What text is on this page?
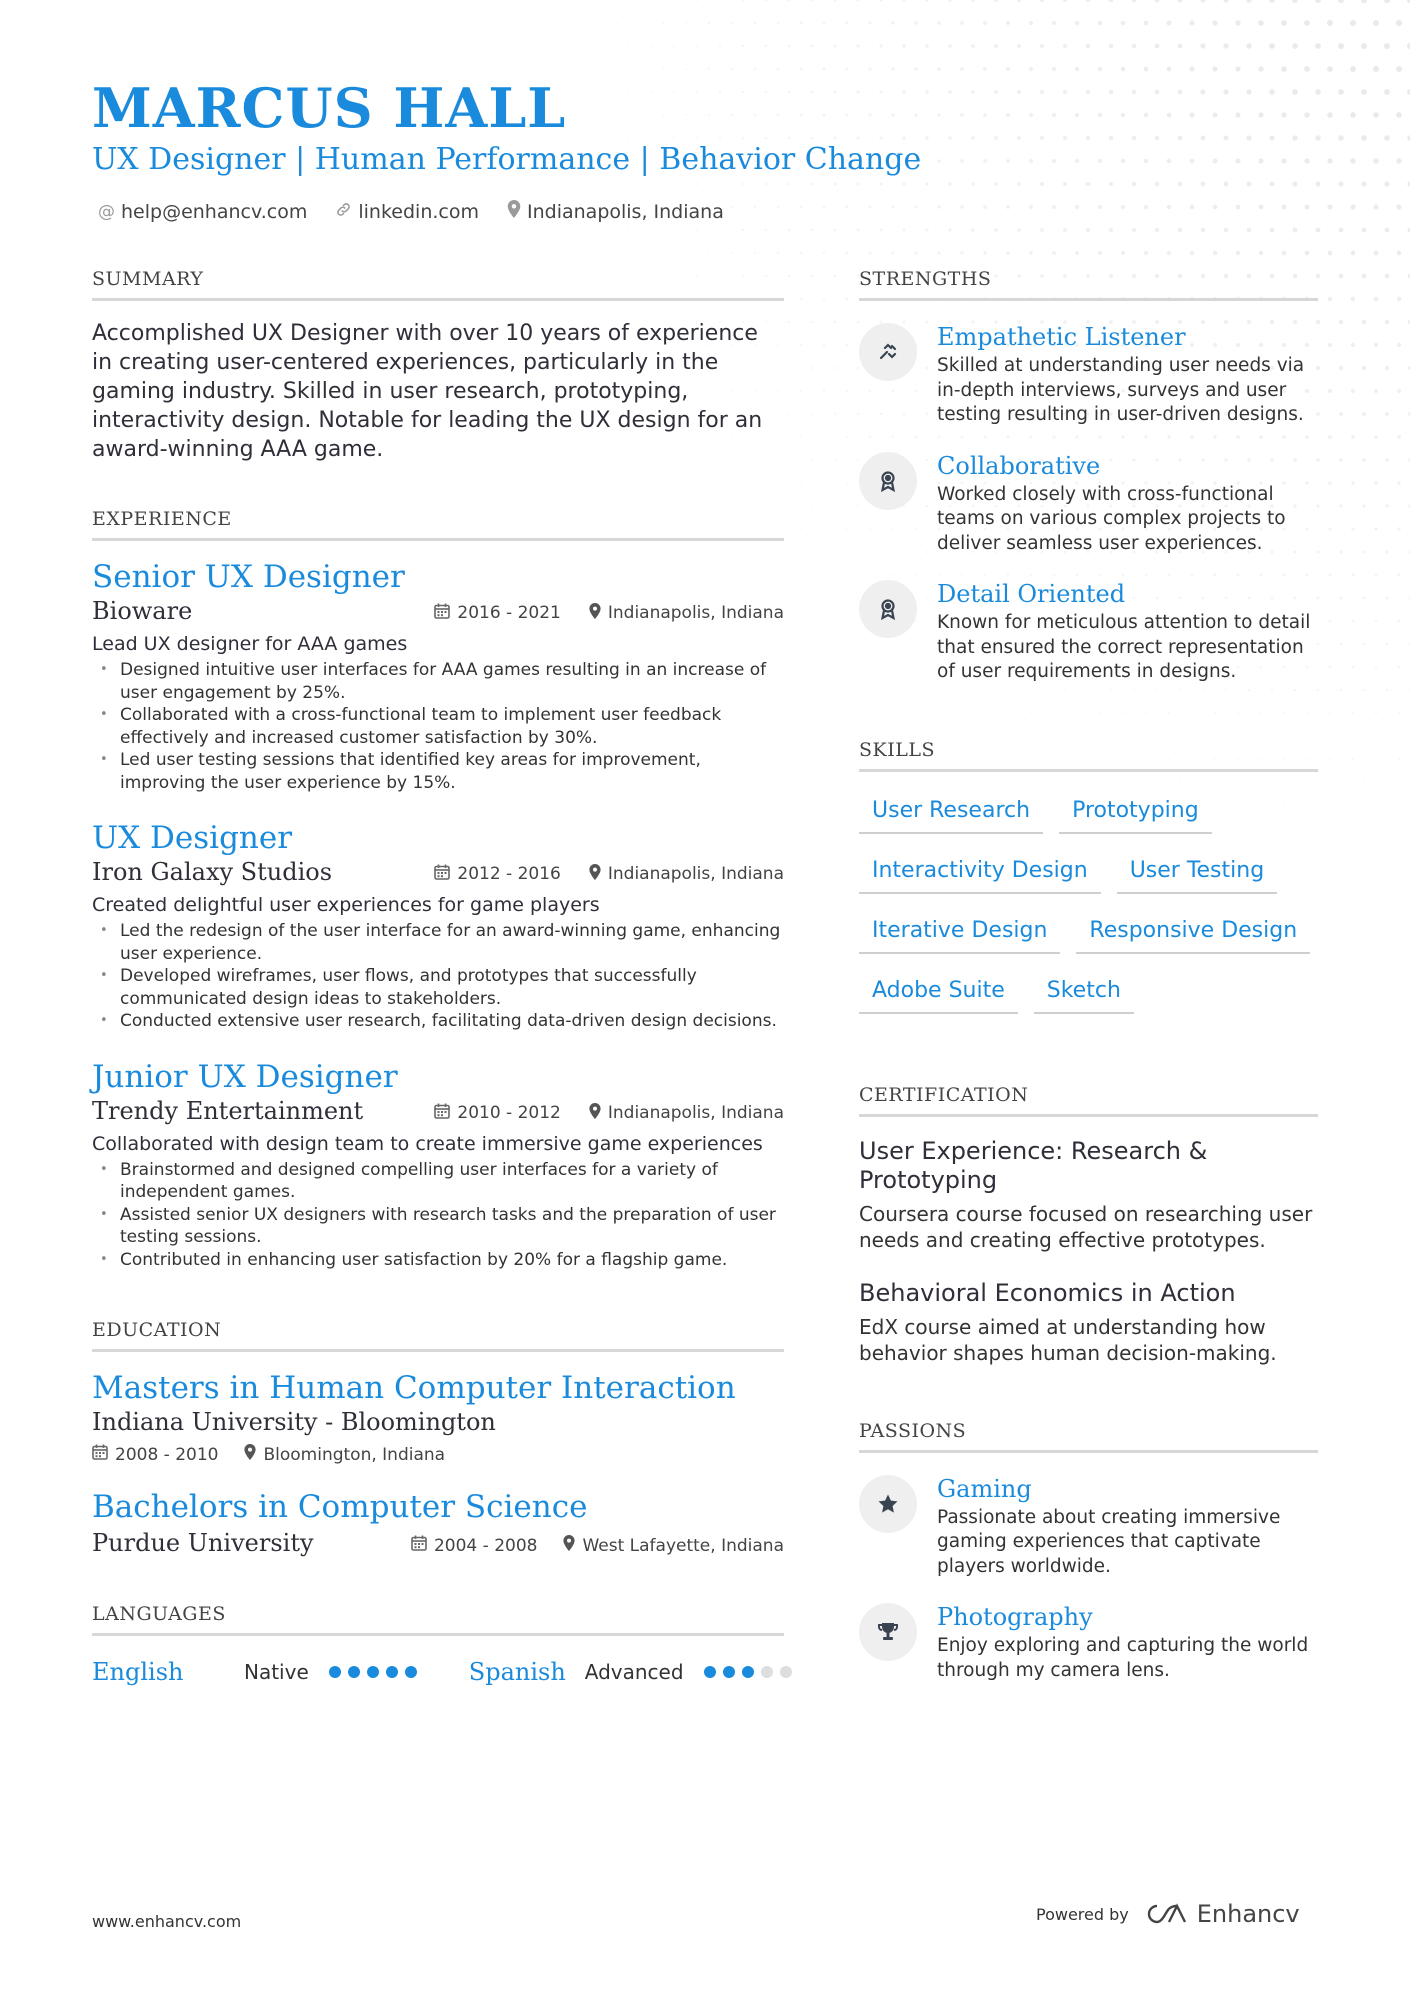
MARCUS HALL
UX Designer | Human Performance | Behavior Change
@ help@enhancv.com	linkedin.com	Indianapolis, Indiana
SUMMARY
Accomplished UX Designer with over 10 years of experience in creating user-centered experiences, particularly in the gaming industry. Skilled in user research, prototyping, interactivity design. Notable for leading the UX design for an award-winning AAA game.
EXPERIENCE
Senior UX Designer
Bioware	2016 - 2021	Indianapolis, Indiana
Lead UX designer for AAA games
• Designed intuitive user interfaces for AAA games resulting in an increase of user engagement by 25%.
• Collaborated with a cross-functional team to implement user feedback effectively and increased customer satisfaction by 30%.
• Led user testing sessions that identified key areas for improvement, improving the user experience by 15%.
UX Designer
Iron Galaxy Studios	2012 - 2016	Indianapolis, Indiana
Created delightful user experiences for game players
• Led the redesign of the user interface for an award-winning game, enhancing user experience.
• Developed wireframes, user flows, and prototypes that successfully communicated design ideas to stakeholders.
• Conducted extensive user research, facilitating data-driven design decisions.
Junior UX Designer
Trendy Entertainment	2010 - 2012	Indianapolis, Indiana
Collaborated with design team to create immersive game experiences
• Brainstormed and designed compelling user interfaces for a variety of independent games.
• Assisted senior UX designers with research tasks and the preparation of user testing sessions.
• Contributed in enhancing user satisfaction by 20% for a flagship game.
EDUCATION
Masters in Human Computer Interaction
Indiana University - Bloomington
2008 - 2010	Bloomington, Indiana
Bachelors in Computer Science
Purdue University	2004 - 2008	West Lafayette, Indiana
LANGUAGES
English	Native	Spanish Advanced
STRENGTHS
Empathetic Listener
Skilled at understanding user needs via in-depth interviews, surveys and user testing resulting in user-driven designs.
Collaborative
Worked closely with cross-functional teams on various complex projects to deliver seamless user experiences.
Detail Oriented
Known for meticulous attention to detail that ensured the correct representation of user requirements in designs.
SKILLS
User Research	Prototyping
Interactivity Design	User Testing
Iterative Design	Responsive Design
Adobe Suite	Sketch
CERTIFICATION
User Experience: Research & Prototyping
Coursera course focused on researching user needs and creating effective prototypes.
Behavioral Economics in Action
EdX course aimed at understanding how behavior shapes human decision-making.
PASSIONS
Gaming
Passionate about creating immersive gaming experiences that captivate players worldwide.
Photography
Enjoy exploring and capturing the world through my camera lens.
www.enhancv.com	Powered by	Enhancv
